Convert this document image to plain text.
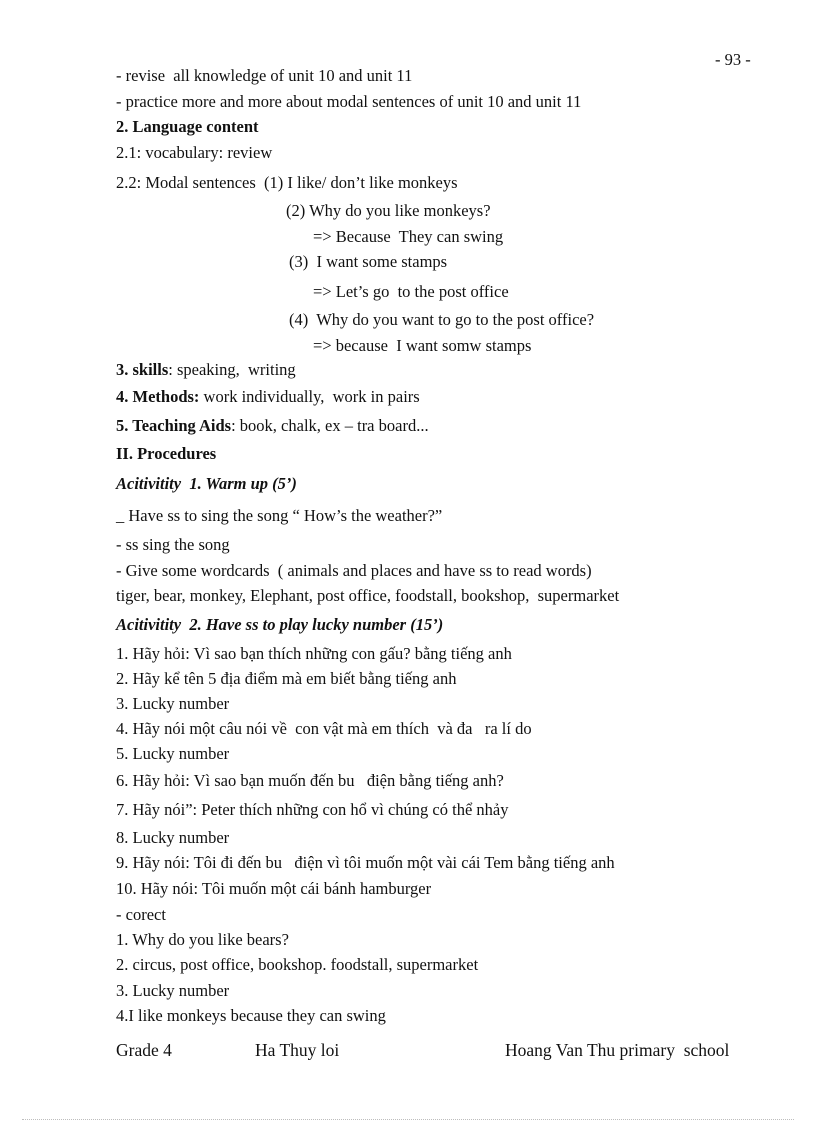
- 93 -
- revise  all knowledge of unit 10 and unit 11
- practice more and more about modal sentences of unit 10 and unit 11
2. Language content
2.1: vocabulary: review
2.2: Modal sentences  (1) I like/ don’t like monkeys
(2) Why do you like monkeys?
=> Because  They can swing
(3)  I want some stamps
=> Let’s go  to the post office
(4)  Why do you want to go to the post office?
=> because  I want somw stamps
3. skills: speaking,  writing
4. Methods: work individually,  work in pairs
5. Teaching Aids: book, chalk, ex – tra board...
II. Procedures
Acitivitity  1. Warm up (5’)
_ Have ss to sing the song “ How’s the weather?”
- ss sing the song
- Give some wordcards  ( animals and places and have ss to read words)
tiger, bear, monkey, Elephant, post office, foodstall, bookshop,  supermarket
Acitivitity  2. Have ss to play lucky number (15’)
1. Hãy hỏi: Vì sao bạn thích những con gấu? bằng tiếng anh
2. Hãy kể tên 5 địa điểm mà em biết bằng tiếng anh
3. Lucky number
4. Hãy nói một câu nói về  con vật mà em thích  và đa   ra lí do
5. Lucky number
6. Hãy hỏi: Vì sao bạn muốn đến bu   điện bằng tiếng anh?
7. Hãy nói”: Peter thích những con hổ vì chúng có thể nhảy
8. Lucky number
9. Hãy nói: Tôi đi đến bu   điện vì tôi muốn một vài cái Tem bằng tiếng anh
10. Hãy nói: Tôi muốn một cái bánh hamburger
- corect
1. Why do you like bears?
2. circus, post office, bookshop. foodstall, supermarket
3. Lucky number
4.I like monkeys because they can swing
Grade 4	Ha Thuy loi	Hoang Van Thu primary  school
